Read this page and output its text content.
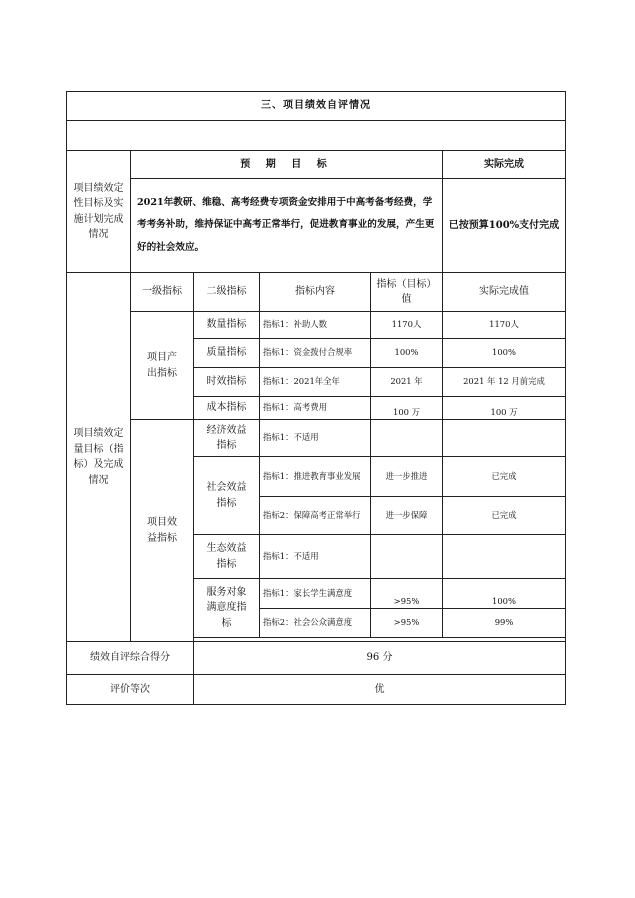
三、项目绩效自评情况					

项目绩效定性目标及实施计划完成情况	预 期 目 标				实际完成
	2021年教研、维稳、高考经费专项资金安排用于中高考备考经费，学考考务补助，维持保证中高考正常举行，促进教育事业的发展，产生更好的社会效应。				已按预算100%支付完成
项目绩效定量目标（指标）及完成情况	一级指标	二级指标	指标内容	指标（目标）值	实际完成值
	项目产出指标	数量指标	指标1：补助人数	1170人	1170人
		质量指标	指标1：资金拨付合规率	100%	100%
		时效指标	指标1：2021年全年	2021 年	2021 年 12 月前完成
		成本指标	指标1：高考费用	100 万	100 万
	项目效益指标	经济效益指标	指标1：不适用		
		社会效益指标	指标1：推进教育事业发展	进一步推进	已完成
			指标2：保障高考正常举行	进一步保障	已完成
		生态效益指标	指标1：不适用		
		服务对象满意度指标	指标1：家长学生满意度	>95%	100%
			指标2：社会公众满意度	>95%	99%

绩效自评综合得分		96 分			
评价等次		优			
